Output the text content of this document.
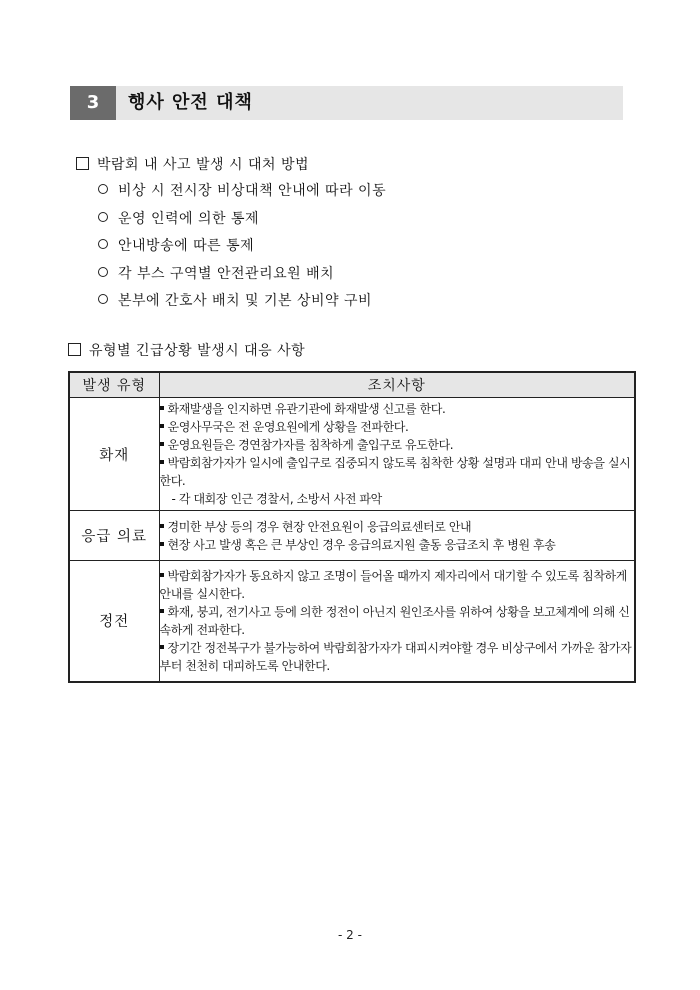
3	행사 안전 대책
박람회 내 사고 발생 시 대처 방법
비상 시 전시장 비상대책 안내에 따라 이동
운영 인력에 의한 통제
안내방송에 따른 통제
각 부스 구역별 안전관리요원 배치
본부에 간호사 배치 및 기본 상비약 구비
유형별 긴급상황 발생시 대응 사항
발생 유형	조치사항
화재	화재발생을 인지하면 유관기관에 화재발생 신고를 한다.
운영사무국은 전 운영요원에게 상황을 전파한다.
운영요원들은 경연참가자를 침착하게 출입구로 유도한다.
박람회참가자가 일시에 출입구로 집중되지 않도록 침착한 상황 설명과 대피 안내 방송을 실시한다.
- 각 대회장 인근 경찰서, 소방서 사전 파악

응급 의료	경미한 부상 등의 경우 현장 안전요원이 응급의료센터로 안내
현장 사고 발생 혹은 큰 부상인 경우 응급의료지원 출동 응급조치 후 병원 후송

정전	박람회참가자가 동요하지 않고 조명이 들어올 때까지 제자리에서 대기할 수 있도록 침착하게 안내를 실시한다.
화재, 붕괴, 전기사고 등에 의한 정전이 아닌지 원인조사를 위하여 상황을 보고체계에 의해 신속하게 전파한다.
장기간 정전복구가 불가능하여 박람회참가자가 대피시켜야할 경우 비상구에서 가까운 참가자부터 천천히 대피하도록 안내한다.
- 2 -
